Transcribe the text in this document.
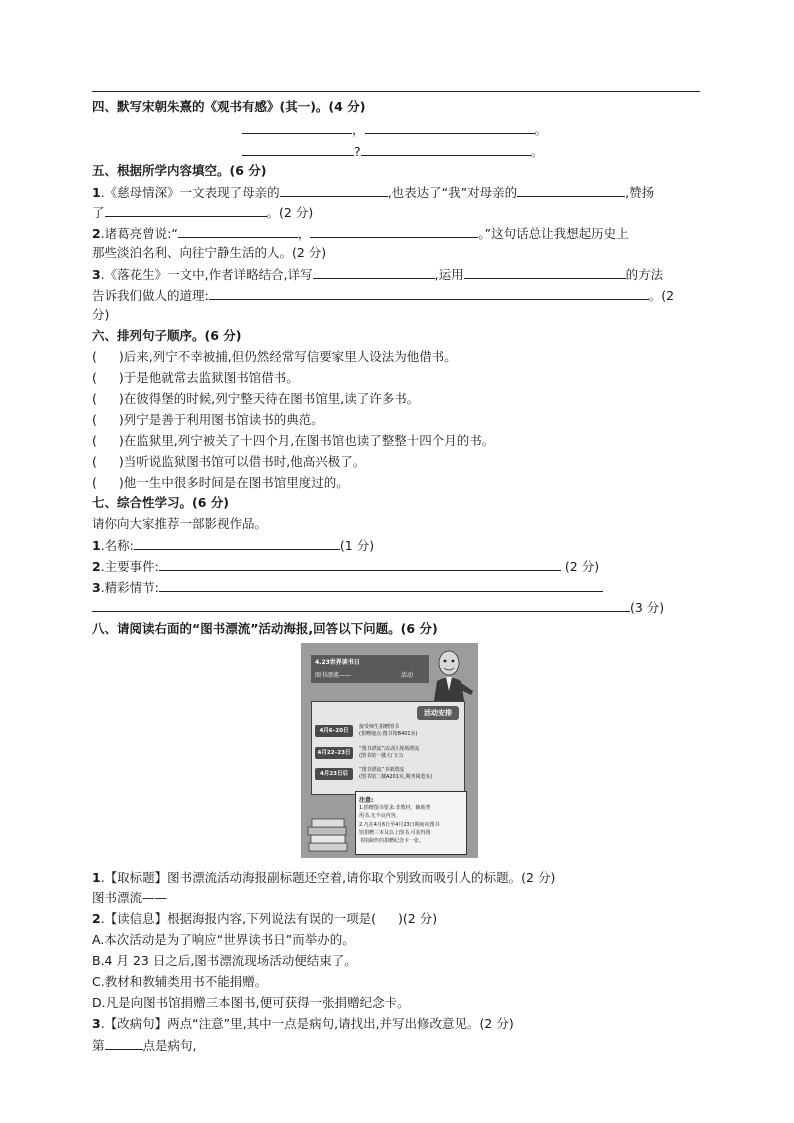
四、默写宋朝朱熹的《观书有感》(其一)。(4 分)
，	。
?	。
五、根据所学内容填空。(6 分)
1.《慈母情深》一文表现了母亲的	,也表达了“我”对母亲的	,赞扬
了	。(2 分)
2.诸葛亮曾说:“	，	。”这句话总让我想起历史上
那些淡泊名利、向往宁静生活的人。(2 分)
3.《落花生》一文中,作者详略结合,详写	,运用	的方法
告诉我们做人的道理:	。(2
分)
六、排列句子顺序。(6 分)
( )后来,列宁不幸被捕,但仍然经常写信要家里人设法为他借书。
( )于是他就常去监狱图书馆借书。
( )在彼得堡的时候,列宁整天待在图书馆里,读了许多书。
( )列宁是善于利用图书馆读书的典范。
( )在监狱里,列宁被关了十四个月,在图书馆也读了整整十四个月的书。
( )当听说监狱图书馆可以借书时,他高兴极了。
( )他一生中很多时间是在图书馆里度过的。
七、综合性学习。(6 分)
请你向大家推荐一部影视作品。
1.名称:	(1 分)
2.主要事件:	(2 分)
3.精彩情节:
(3 分)
八、请阅读右面的“图书漂流”活动海报,回答以下问题。(6 分)
4.23世界读书日
图书漂流——	活动
活动安排
4月6–20日
接受师生捐赠图书
(捐赠地点:图书馆B401室)
4月22–23日
“图书漂流”活动区现场漂流
(图书馆一楼大门口)
4月23日后
“图书漂流”书架漂流
(图书馆二楼A201室,期刊阅览室)
注意:
1.捐赠图书要求:非教材、辅助类
用书,无不良内容。
2.凡在4月6日至4月23日期间向图书
馆捐赠三本及以上图书,可获得图
书馆制作的捐赠纪念卡一张。
1.【取标题】图书漂流活动海报副标题还空着,请你取个别致而吸引人的标题。(2 分)
图书漂流——
2.【读信息】根据海报内容,下列说法有误的一项是( )(2 分)
A.本次活动是为了响应“世界读书日”而举办的。
B.4 月 23 日之后,图书漂流现场活动便结束了。
C.教材和教辅类用书不能捐赠。
D.凡是向图书馆捐赠三本图书,便可获得一张捐赠纪念卡。
3.【改病句】两点“注意”里,其中一点是病句,请找出,并写出修改意见。(2 分)
第	点是病句,
